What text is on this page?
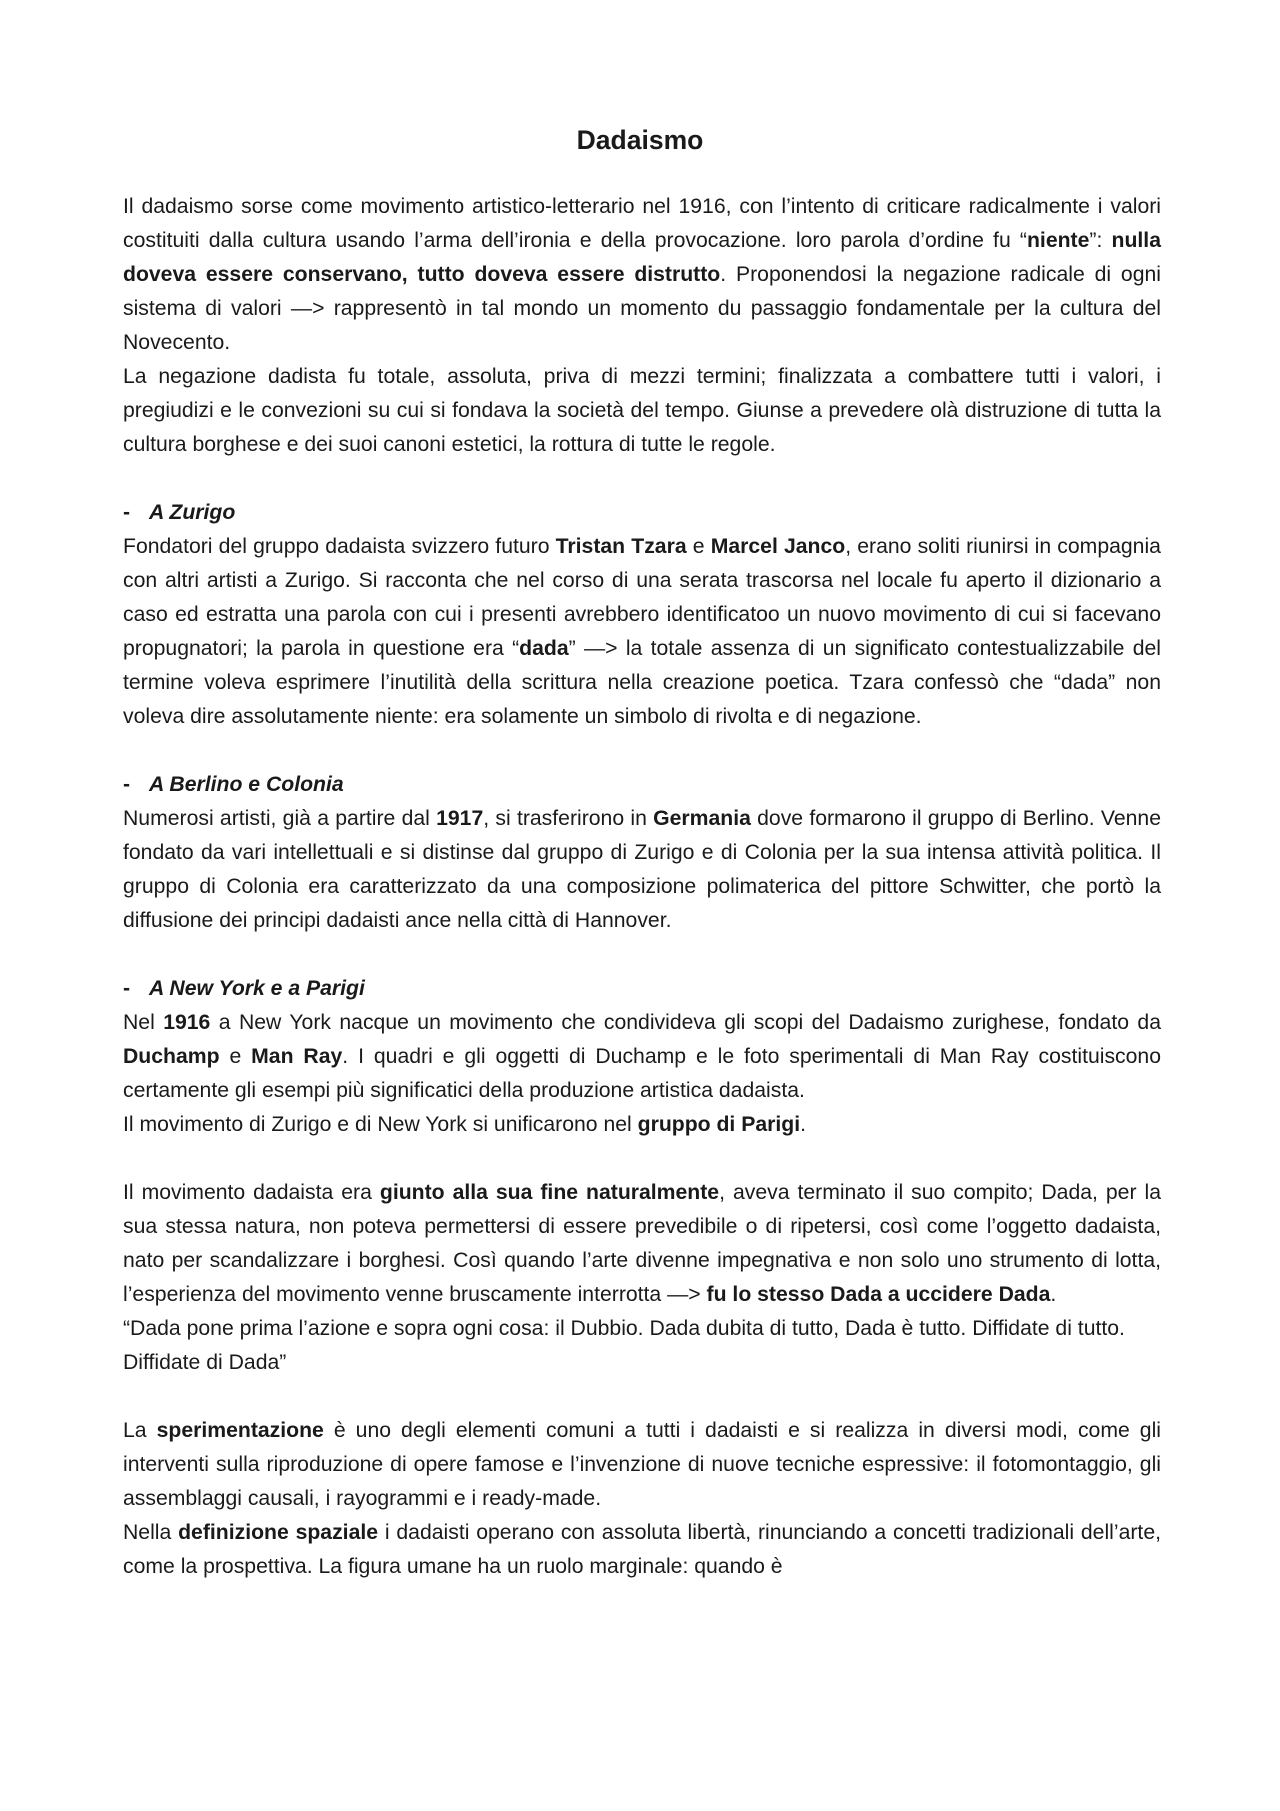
Dadaismo

Il dadaismo sorse come movimento artistico-letterario nel 1916, con l’intento di criticare radicalmente i valori costituiti dalla cultura usando l’arma dell’ironia e della provocazione. loro parola d’ordine fu “niente”: nulla doveva essere conservano, tutto doveva essere distrutto. Proponendosi la negazione radicale di ogni sistema di valori —> rappresentò in tal mondo un momento du passaggio fondamentale per la cultura del Novecento.

La negazione dadista fu totale, assoluta, priva di mezzi termini; finalizzata a combattere tutti i valori, i pregiudizi e le convezioni su cui si fondava la società del tempo. Giunse a prevedere olà distruzione di tutta la cultura borghese e dei suoi canoni estetici, la rottura di tutte le regole.

- A Zurigo

Fondatori del gruppo dadaista svizzero futuro Tristan Tzara e Marcel Janco, erano soliti riunirsi in compagnia con altri artisti a Zurigo. Si racconta che nel corso di una serata trascorsa nel locale fu aperto il dizionario a caso ed estratta una parola con cui i presenti avrebbero identificatoo un nuovo movimento di cui si facevano propugnatori; la parola in questione era “dada” —> la totale assenza di un significato contestualizzabile del termine voleva esprimere l’inutilità della scrittura nella creazione poetica. Tzara confessò che “dada” non voleva dire assolutamente niente: era solamente un simbolo di rivolta e di negazione.

- A Berlino e Colonia

Numerosi artisti, già a partire dal 1917, si trasferirono in Germania dove formarono il gruppo di Berlino. Venne fondato da vari intellettuali e si distinse dal gruppo di Zurigo e di Colonia per la sua intensa attività politica. Il gruppo di Colonia era caratterizzato da una composizione polimaterica del pittore Schwitter, che portò la diffusione dei principi dadaisti ance nella città di Hannover.

- A New York e a Parigi

Nel 1916 a New York nacque un movimento che condivideva gli scopi del Dadaismo zurighese, fondato da Duchamp e Man Ray. I quadri e gli oggetti di Duchamp e le foto sperimentali di Man Ray costituiscono certamente gli esempi più significatici della produzione artistica dadaista.

Il movimento di Zurigo e di New York si unificarono nel gruppo di Parigi.

Il movimento dadaista era giunto alla sua fine naturalmente, aveva terminato il suo compito; Dada, per la sua stessa natura, non poteva permettersi di essere prevedibile o di ripetersi, così come l’oggetto dadaista, nato per scandalizzare i borghesi. Così quando l’arte divenne impegnativa e non solo uno strumento di lotta, l’esperienza del movimento venne bruscamente interrotta —> fu lo stesso Dada a uccidere Dada.

“Dada pone prima l’azione e sopra ogni cosa: il Dubbio. Dada dubita di tutto, Dada è tutto. Diffidate di tutto. Diffidate di Dada”

La sperimentazione è uno degli elementi comuni a tutti i dadaisti e si realizza in diversi modi, come gli interventi sulla riproduzione di opere famose e l’invenzione di nuove tecniche espressive: il fotomontaggio, gli assemblaggi causali, i rayogrammi e i ready-made.

Nella definizione spaziale i dadaisti operano con assoluta libertà, rinunciando a concetti tradizionali dell’arte, come la prospettiva. La figura umane ha un ruolo marginale: quando è
